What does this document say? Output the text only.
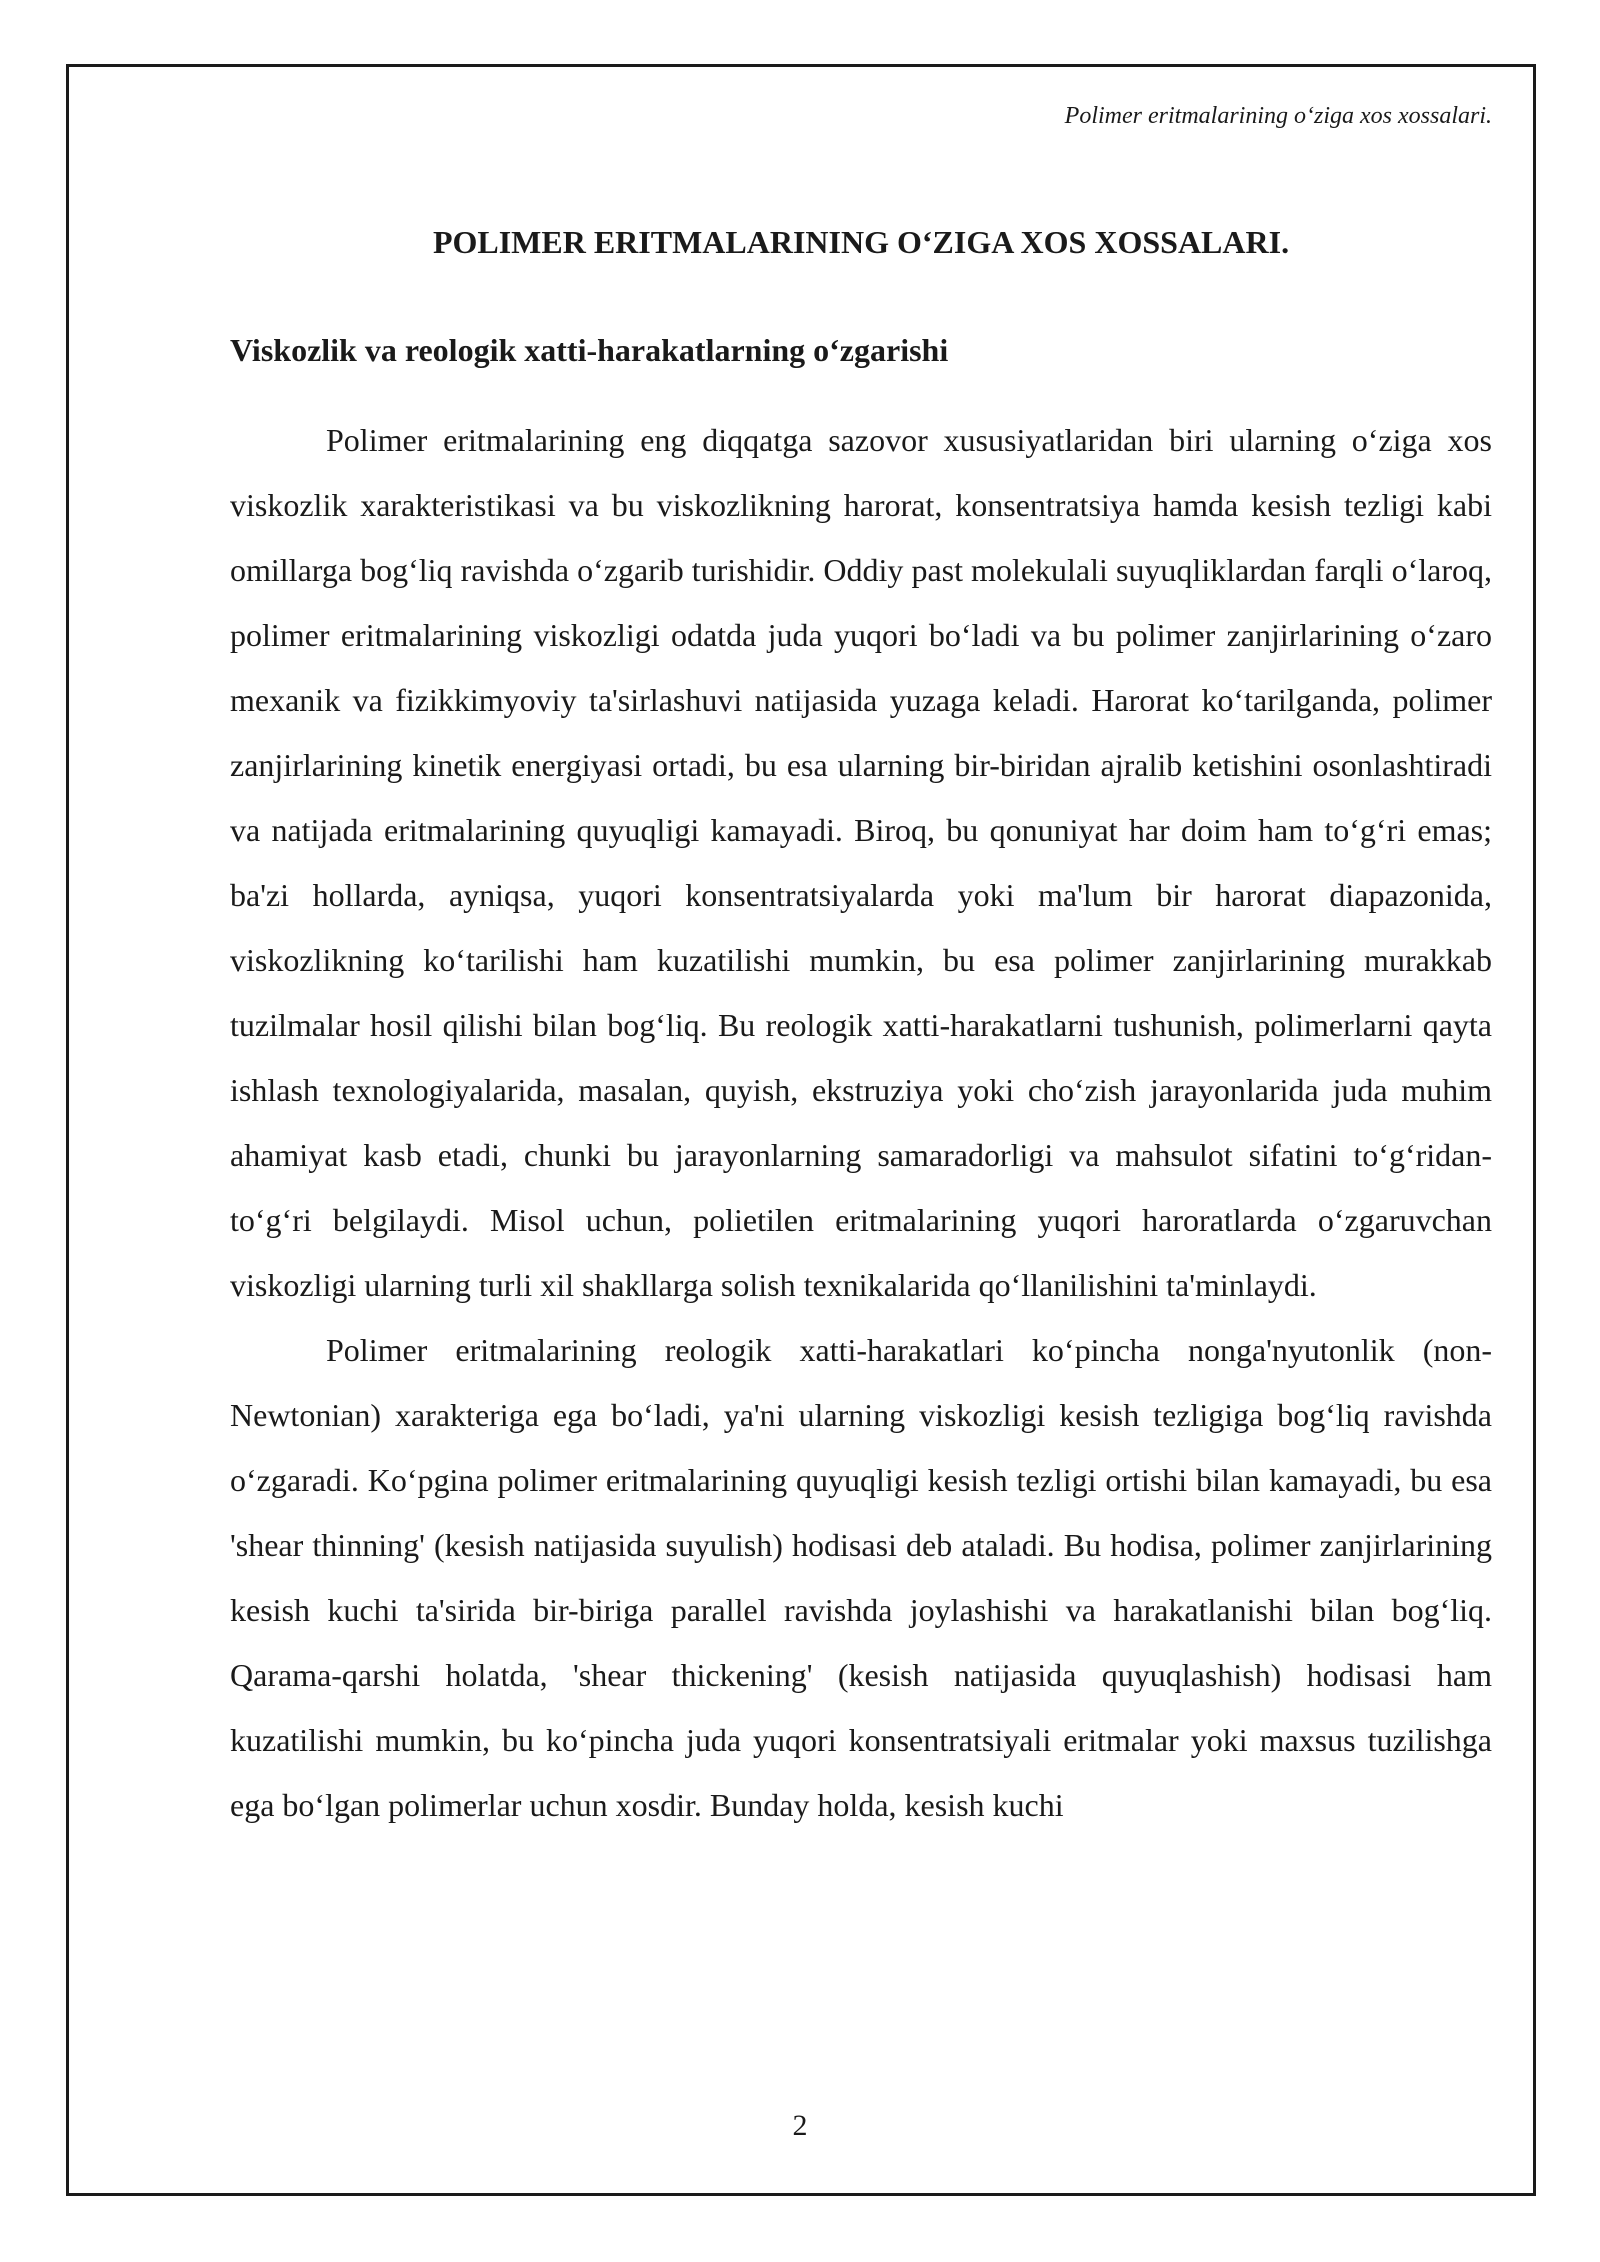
Polimer eritmalarining o‘ziga xos xossalari.
POLIMER ERITMALARINING O‘ZIGA XOS XOSSALARI.
Viskozlik va reologik xatti-harakatlarning o‘zgarishi

Polimer eritmalarining eng diqqatga sazovor xususiyatlaridan biri ularning o‘ziga xos viskozlik xarakteristikasi va bu viskozlikning harorat, konsentratsiya hamda kesish tezligi kabi omillarga bog‘liq ravishda o‘zgarib turishidir. Oddiy past molekulali suyuqliklardan farqli o‘laroq, polimer eritmalarining viskozligi odatda juda yuqori bo‘ladi va bu polimer zanjirlarining o‘zaro mexanik va fizikkimyoviy ta'sirlashuvi natijasida yuzaga keladi. Harorat ko‘tarilganda, polimer zanjirlarining kinetik energiyasi ortadi, bu esa ularning bir-biridan ajralib ketishini osonlashtiradi va natijada eritmalarining quyuqligi kamayadi. Biroq, bu qonuniyat har doim ham to‘g‘ri emas; ba'zi hollarda, ayniqsa, yuqori konsentratsiyalarda yoki ma'lum bir harorat diapazonida, viskozlikning ko‘tarilishi ham kuzatilishi mumkin, bu esa polimer zanjirlarining murakkab tuzilmalar hosil qilishi bilan bog‘liq. Bu reologik xatti-harakatlarni tushunish, polimerlarni qayta ishlash texnologiyalarida, masalan, quyish, ekstruziya yoki cho‘zish jarayonlarida juda muhim ahamiyat kasb etadi, chunki bu jarayonlarning samaradorligi va mahsulot sifatini to‘g‘ridan-to‘g‘ri belgilaydi. Misol uchun, polietilen eritmalarining yuqori haroratlarda o‘zgaruvchan viskozligi ularning turli xil shakllarga solish texnikalarida qo‘llanilishini ta'minlaydi.

Polimer eritmalarining reologik xatti-harakatlari ko‘pincha nonga'nyutonlik (non-Newtonian) xarakteriga ega bo‘ladi, ya'ni ularning viskozligi kesish tezligiga bog‘liq ravishda o‘zgaradi. Ko‘pgina polimer eritmalarining quyuqligi kesish tezligi ortishi bilan kamayadi, bu esa 'shear thinning' (kesish natijasida suyulish) hodisasi deb ataladi. Bu hodisa, polimer zanjirlarining kesish kuchi ta'sirida bir-biriga parallel ravishda joylashishi va harakatlanishi bilan bog‘liq. Qarama-qarshi holatda, 'shear thickening' (kesish natijasida quyuqlashish) hodisasi ham kuzatilishi mumkin, bu ko‘pincha juda yuqori konsentratsiyali eritmalar yoki maxsus tuzilishga ega bo‘lgan polimerlar uchun xosdir. Bunday holda, kesish kuchi

2
